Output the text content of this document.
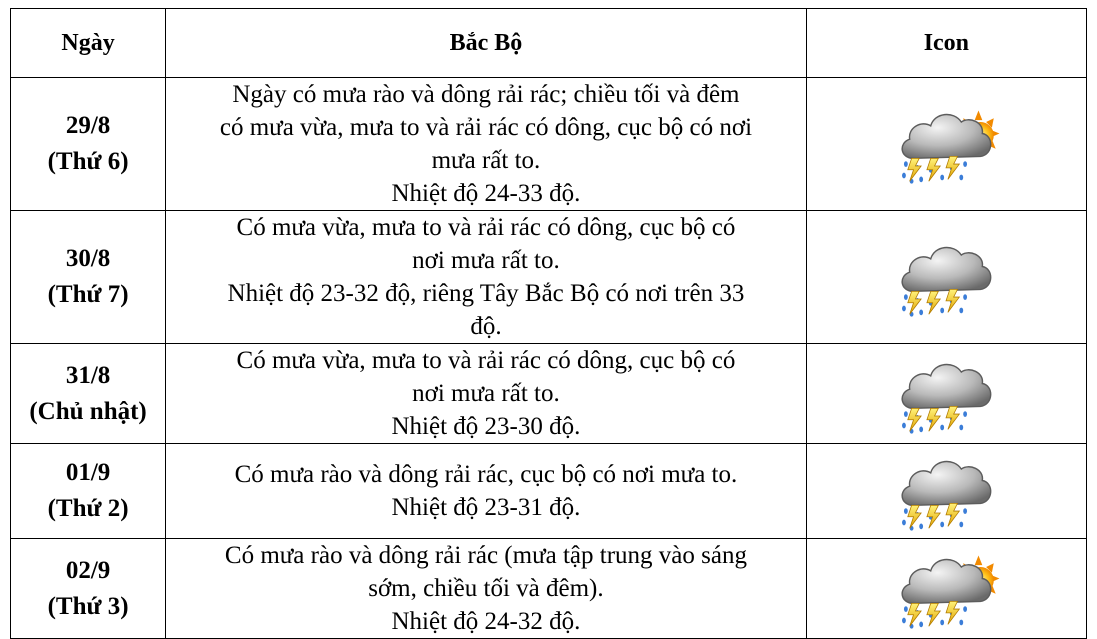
Ngày	Bắc Bộ	Icon

29/8
(Thứ 6)	Ngày có mưa rào và dông rải rác; chiều tối và đêm
có mưa vừa, mưa to và rải rác có dông, cục bộ có nơi
mưa rất to.
Nhiệt độ 24-33 độ.

30/8
(Thứ 7)	Có mưa vừa, mưa to và rải rác có dông, cục bộ có
nơi mưa rất to.
Nhiệt độ 23-32 độ, riêng Tây Bắc Bộ có nơi trên 33
độ.

31/8
(Chủ nhật)	Có mưa vừa, mưa to và rải rác có dông, cục bộ có
nơi mưa rất to.
Nhiệt độ 23-30 độ.

01/9
(Thứ 2)	Có mưa rào và dông rải rác, cục bộ có nơi mưa to.
Nhiệt độ 23-31 độ.

02/9
(Thứ 3)	Có mưa rào và dông rải rác (mưa tập trung vào sáng
sớm, chiều tối và đêm).
Nhiệt độ 24-32 độ.
